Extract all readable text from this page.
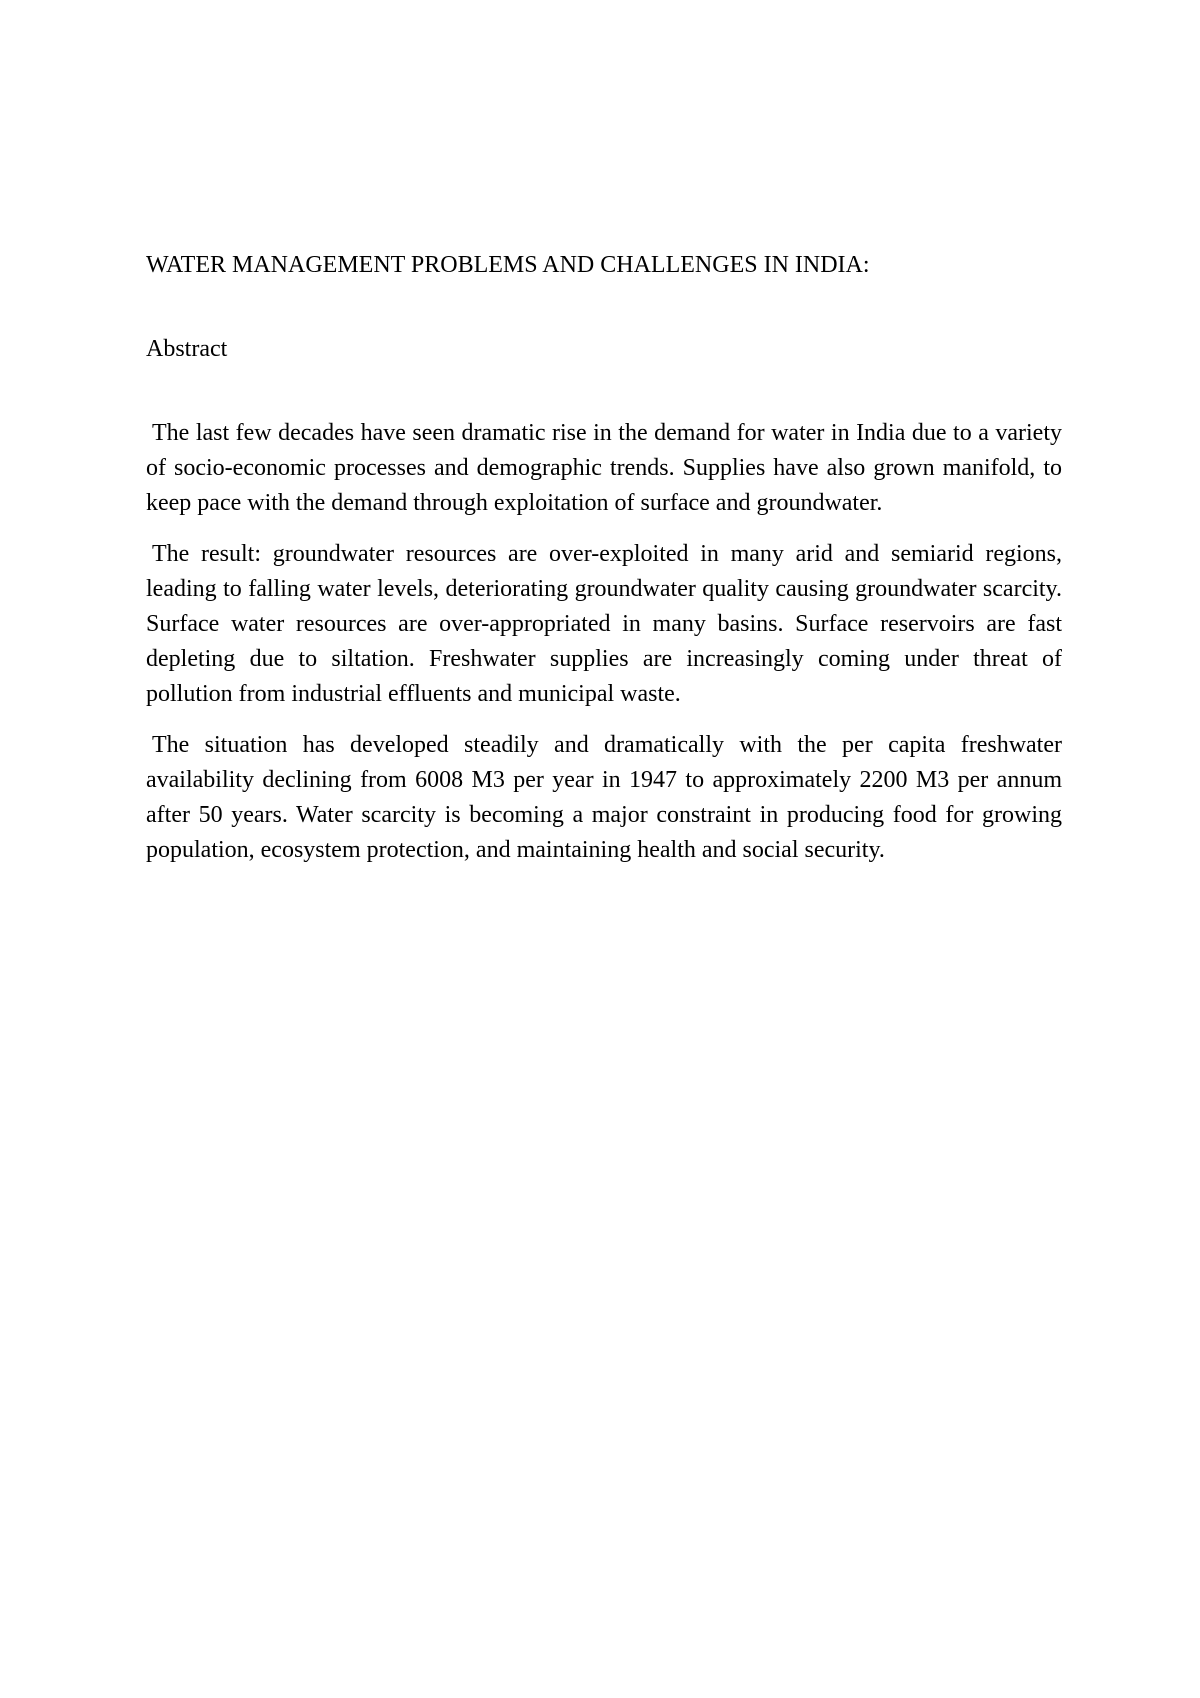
WATER MANAGEMENT PROBLEMS AND CHALLENGES IN INDIA:
Abstract

The last few decades have seen dramatic rise in the demand for water in India due to a variety of socio-economic processes and demographic trends. Supplies have also grown manifold, to keep pace with the demand through exploitation of surface and groundwater.

The result: groundwater resources are over-exploited in many arid and semiarid regions, leading to falling water levels, deteriorating groundwater quality causing groundwater scarcity. Surface water resources are over-appropriated in many basins. Surface reservoirs are fast depleting due to siltation. Freshwater supplies are increasingly coming under threat of pollution from industrial effluents and municipal waste.

The situation has developed steadily and dramatically with the per capita freshwater availability declining from 6008 M3 per year in 1947 to approximately 2200 M3 per annum after 50 years. Water scarcity is becoming a major constraint in producing food for growing population, ecosystem protection, and maintaining health and social security.
